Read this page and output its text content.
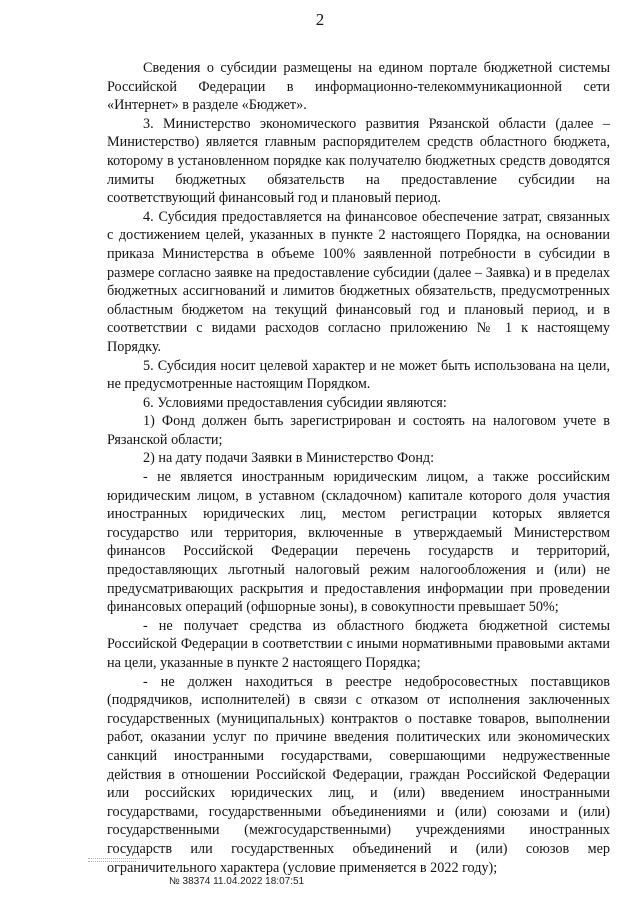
2

Сведения о субсидии размещены на едином портале бюджетной системы Российской Федерации в информационно-телекоммуникационной сети «Интернет» в разделе «Бюджет».

3. Министерство экономического развития Рязанской области (далее – Министерство) является главным распорядителем средств областного бюджета, которому в установленном порядке как получателю бюджетных средств доводятся лимиты бюджетных обязательств на предоставление субсидии на соответствующий финансовый год и плановый период.

4. Субсидия предоставляется на финансовое обеспечение затрат, связанных с достижением целей, указанных в пункте 2 настоящего Порядка, на основании приказа Министерства в объеме 100% заявленной потребности в субсидии в размере согласно заявке на предоставление субсидии (далее – Заявка) и в пределах бюджетных ассигнований и лимитов бюджетных обязательств, предусмотренных областным бюджетом на текущий финансовый год и плановый период, и в соответствии с видами расходов согласно приложению № 1 к настоящему Порядку.

5. Субсидия носит целевой характер и не может быть использована на цели, не предусмотренные настоящим Порядком.

6. Условиями предоставления субсидии являются:

1) Фонд должен быть зарегистрирован и состоять на налоговом учете в Рязанской области;

2) на дату подачи Заявки в Министерство Фонд:

- не является иностранным юридическим лицом, а также российским юридическим лицом, в уставном (складочном) капитале которого доля участия иностранных юридических лиц, местом регистрации которых является государство или территория, включенные в утверждаемый Министерством финансов Российской Федерации перечень государств и территорий, предоставляющих льготный налоговый режим налогообложения и (или) не предусматривающих раскрытия и предоставления информации при проведении финансовых операций (офшорные зоны), в совокупности превышает 50%;

- не получает средства из областного бюджета бюджетной системы Российской Федерации в соответствии с иными нормативными правовыми актами на цели, указанные в пункте 2 настоящего Порядка;

- не должен находиться в реестре недобросовестных поставщиков (подрядчиков, исполнителей) в связи с отказом от исполнения заключенных государственных (муниципальных) контрактов о поставке товаров, выполнении работ, оказании услуг по причине введения политических или экономических санкций иностранными государствами, совершающими недружественные действия в отношении Российской Федерации, граждан Российской Федерации или российских юридических лиц, и (или) введением иностранными государствами, государственными объединениями и (или) союзами и (или) государственными (межгосударственными) учреждениями иностранных государств или государственных объединений и (или) союзов мер ограничительного характера (условие применяется в 2022 году);

№ 38374 11.04.2022 18:07:51
